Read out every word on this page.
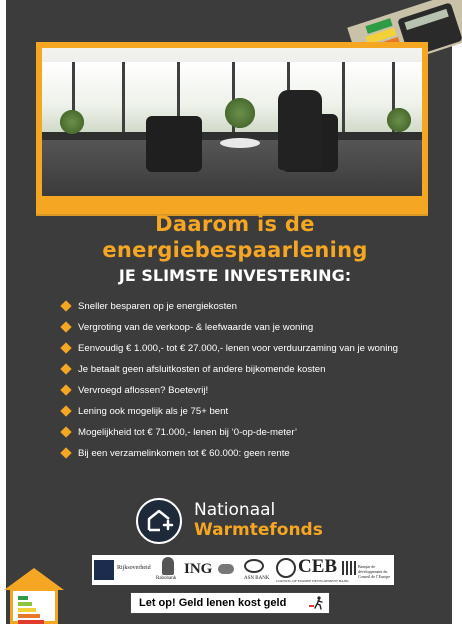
Daarom is de
energiebespaarlening
JE SLIMSTE INVESTERING:
Sneller besparen op je energiekosten
Vergroting van de verkoop- & leefwaarde van je woning
Eenvoudig € 1.000,- tot € 27.000,- lenen voor verduurzaming van je woning
Je betaalt geen afsluitkosten of andere bijkomende kosten
Vervroegd aflossen? Boetevrij!
Lening ook mogelijk als je 75+ bent
Mogelijkheid tot € 71.000,- lenen bij ‘0-op-de-meter’
Bij een verzamelinkomen tot € 60.000: geen rente
Nationaal
Warmtefonds
Rijksoverheid
Rabobank
ING
ASN BANK
CEB
COUNCIL OF EUROPE DEVELOPMENT BANK
Banque de développement du Conseil de l’Europe
Let op! Geld lenen kost geld
